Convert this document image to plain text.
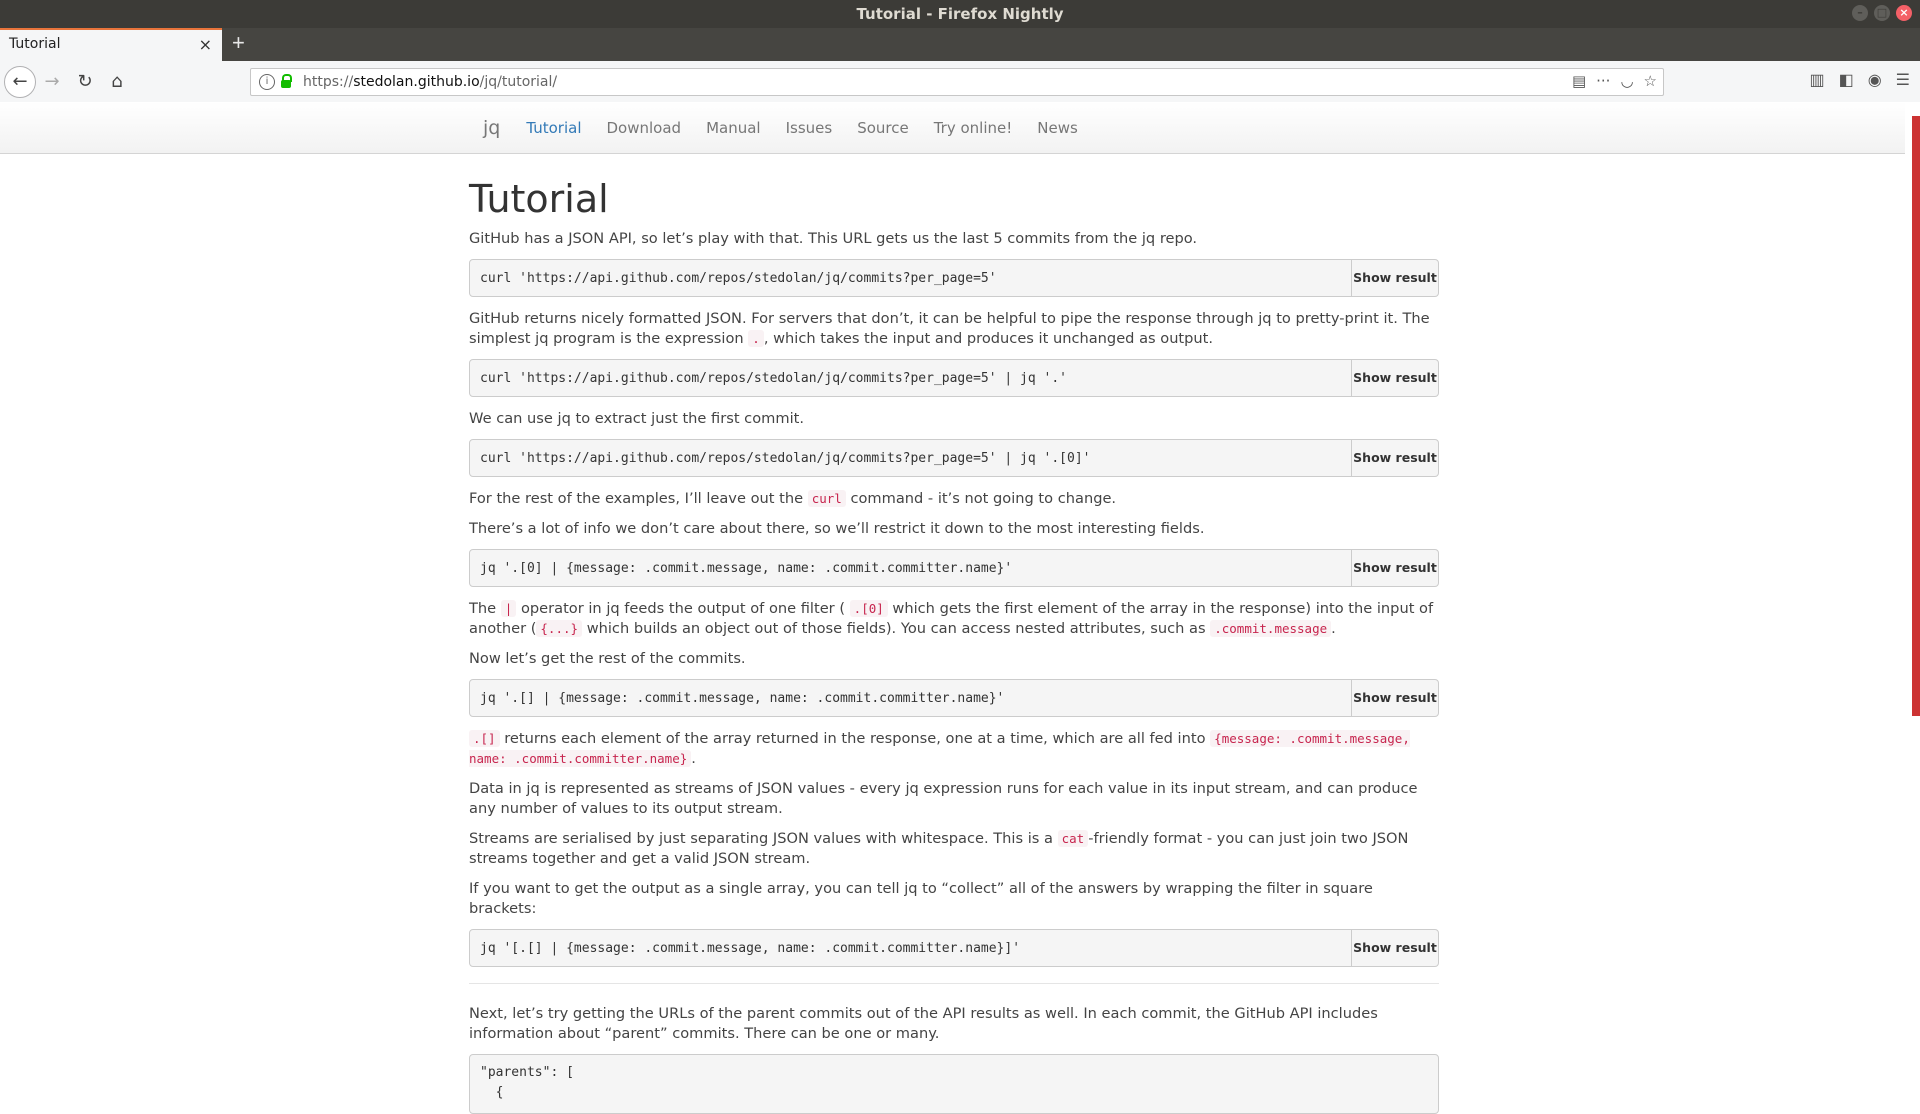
Tutorial - Firefox Nightly	–	□	×
Tutorial	× +
← → ↻	⌂	i	https://stedolan.github.io/jq/tutorial/	▤ ··· ◡ ☆	▥ ◧ ◉ ☰
jq Tutorial Download Manual Issues Source Try online! News
Tutorial

GitHub has a JSON API, so let’s play with that. This URL gets us the last 5 commits from the jq repo.

curl 'https://api.github.com/repos/stedolan/jq/commits?per_page=5'	Show result

GitHub returns nicely formatted JSON. For servers that don’t, it can be helpful to pipe the response through jq to pretty-print it. The simplest jq program is the expression . , which takes the input and produces it unchanged as output.

curl 'https://api.github.com/repos/stedolan/jq/commits?per_page=5' | jq '.'	Show result

We can use jq to extract just the first commit.

curl 'https://api.github.com/repos/stedolan/jq/commits?per_page=5' | jq '.[0]'	Show result

For the rest of the examples, I’ll leave out the curl command - it’s not going to change.

There’s a lot of info we don’t care about there, so we’ll restrict it down to the most interesting fields.

jq '.[0] | {message: .commit.message, name: .commit.committer.name}'	Show result

The | operator in jq feeds the output of one filter ( .[0] which gets the first element of the array in the response) into the input of another ( {...} which builds an object out of those fields). You can access nested attributes, such as .commit.message .

Now let’s get the rest of the commits.

jq '.[] | {message: .commit.message, name: .commit.committer.name}'	Show result

.[] returns each element of the array returned in the response, one at a time, which are all fed into {message: .commit.message, name: .commit.committer.name} .

Data in jq is represented as streams of JSON values - every jq expression runs for each value in its input stream, and can produce any number of values to its output stream.

Streams are serialised by just separating JSON values with whitespace. This is a cat -friendly format - you can just join two JSON streams together and get a valid JSON stream.

If you want to get the output as a single array, you can tell jq to “collect” all of the answers by wrapping the filter in square brackets:

jq '[.[] | {message: .commit.message, name: .commit.committer.name}]'	Show result

Next, let’s try getting the URLs of the parent commits out of the API results as well. In each commit, the GitHub API includes information about “parent” commits. There can be one or many.

"parents": [
{
